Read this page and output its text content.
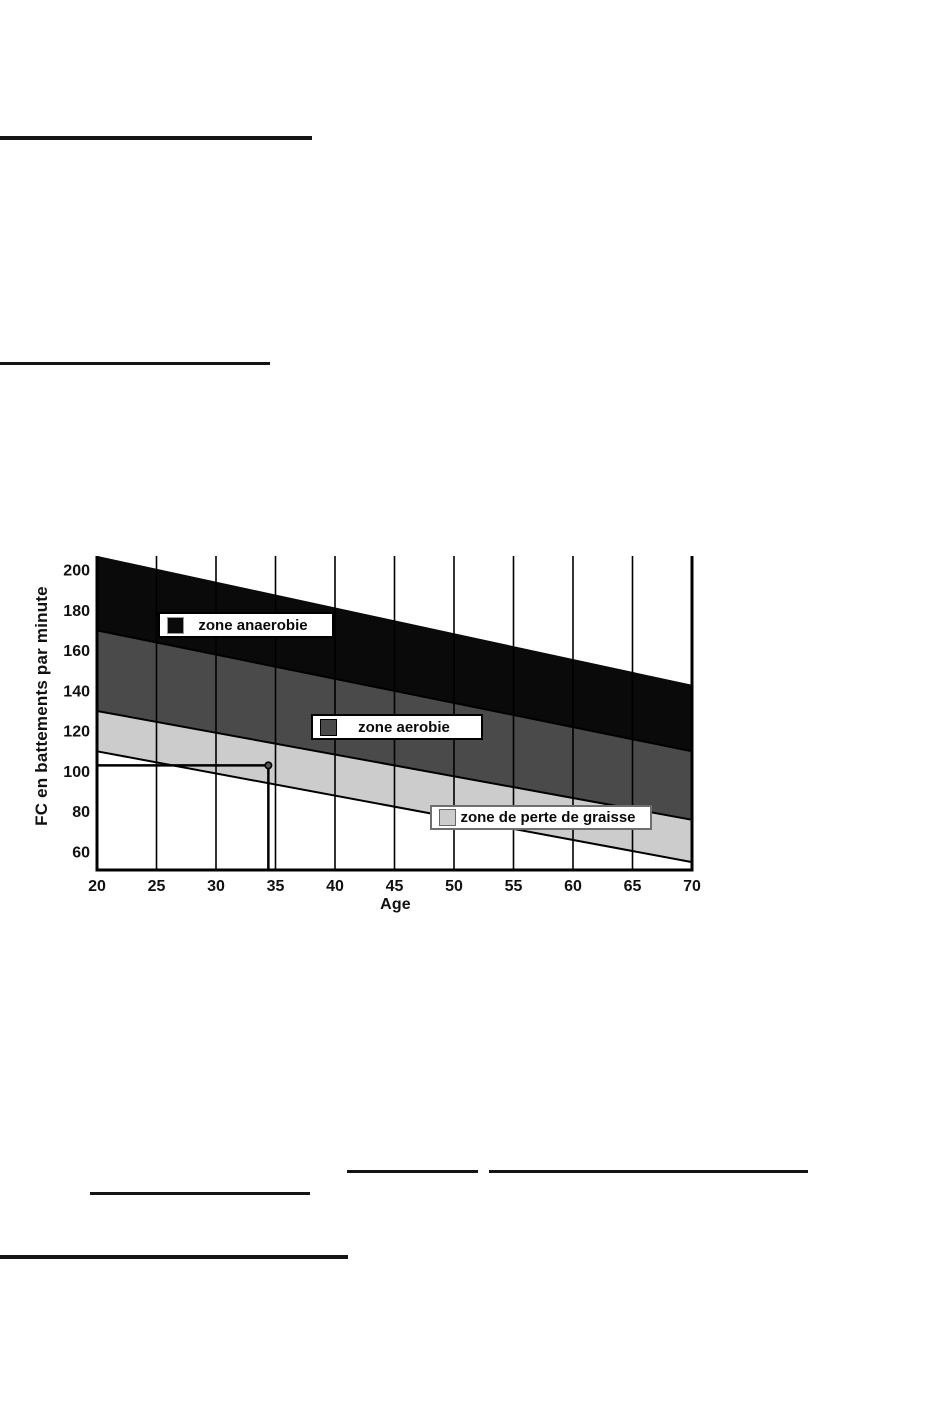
200
180
160
140
120
100
80
60
20	25	30	35	40	45	50	55	60	65	70
FC en battements par minute
Age
zone anaerobie
zone aerobie
zone de perte de graisse
